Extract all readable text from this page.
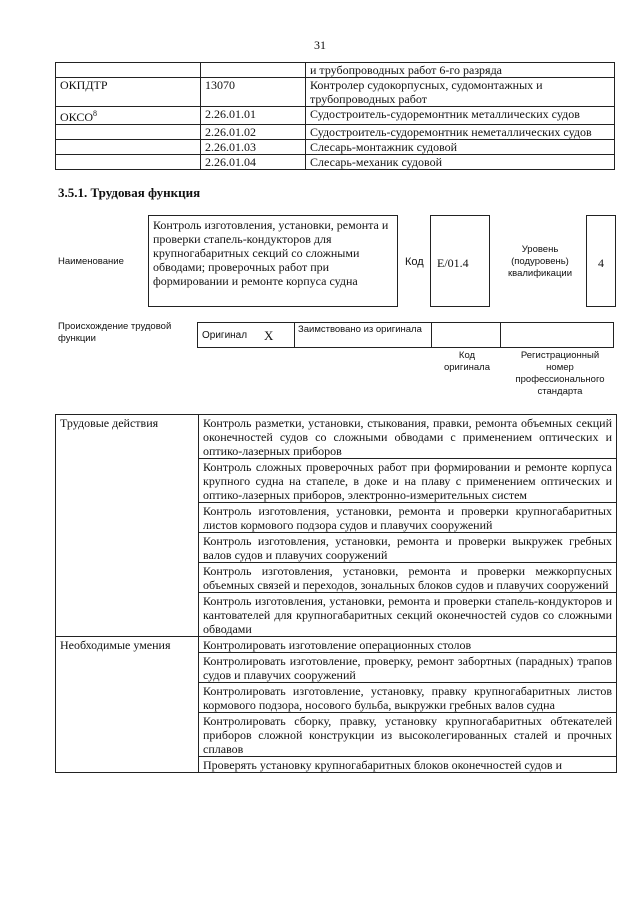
31
		и трубопроводных работ 6-го разряда
ОКПДТР	13070	Контролер судокорпусных, судомонтажных и трубопроводных работ
ОКСО$^8$	2.26.01.01	Судостроитель-судоремонтник металлических судов
	2.26.01.02	Судостроитель-судоремонтник неметаллических судов
	2.26.01.03	Слесарь-монтажник судовой
	2.26.01.04	Слесарь-механик судовой
3.5.1. Трудовая функция
Наименование
Контроль изготовления, установки, ремонта и проверки стапель-кондукторов для крупногабаритных секций со сложными обводами; проверочных работ при формировании и ремонте корпуса судна
Код	E/01.4
Уровень (подуровень) квалификации
4
Происхождение трудовой функции	Оригинал X	Заимствовано из оригинала
Код оригинала
Регистрационный номер профессионального стандарта
Трудовые действия	Контроль разметки, установки, стыкования, правки, ремонта объемных секций оконечностей судов со сложными обводами с применением оптических и оптико-лазерных приборов
	Контроль сложных проверочных работ при формировании и ремонте корпуса крупного судна на стапеле, в доке и на плаву с применением оптических и оптико-лазерных приборов, электронно-измерительных систем
	Контроль изготовления, установки, ремонта и проверки крупногабаритных листов кормового подзора судов и плавучих сооружений
	Контроль изготовления, установки, ремонта и проверки выкружек гребных валов судов и плавучих сооружений
	Контроль изготовления, установки, ремонта и проверки межкорпусных объемных связей и переходов, зональных блоков судов и плавучих сооружений
	Контроль изготовления, установки, ремонта и проверки стапель-кондукторов и кантователей для крупногабаритных секций оконечностей судов со сложными обводами
Необходимые умения	Контролировать изготовление операционных столов
	Контролировать изготовление, проверку, ремонт забортных (парадных) трапов судов и плавучих сооружений
	Контролировать изготовление, установку, правку крупногабаритных листов кормового подзора, носового бульба, выкружки гребных валов судна
	Контролировать сборку, правку, установку крупногабаритных обтекателей приборов сложной конструкции из высоколегированных сталей и прочных сплавов
	Проверять установку крупногабаритных блоков оконечностей судов и
